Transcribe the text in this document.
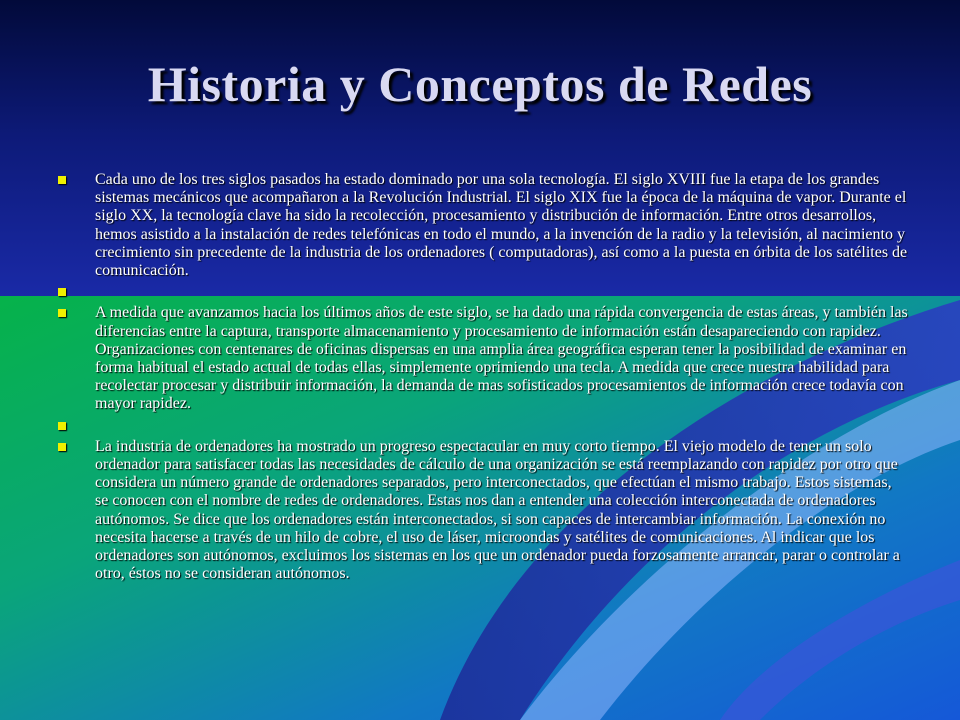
Historia y Conceptos de Redes
Cada uno de los tres siglos pasados ha estado dominado por una sola tecnología. El siglo XVIII fue la etapa de los grandes sistemas mecánicos que acompañaron a la Revolución Industrial. El siglo XIX fue la época de la máquina de vapor. Durante el siglo XX, la tecnología clave ha sido la recolección, procesamiento y distribución de información. Entre otros desarrollos, hemos asistido a la instalación de redes telefónicas en todo el mundo, a la invención de la radio y la televisión, al nacimiento y crecimiento sin precedente de la industria de los ordenadores ( computadoras), así como a la puesta en órbita de los satélites de comunicación.
A medida que avanzamos hacia los últimos años de este siglo, se ha dado una rápida convergencia de estas áreas, y también las diferencias entre la captura, transporte almacenamiento y procesamiento de información están desapareciendo con rapidez. Organizaciones con centenares de oficinas dispersas en una amplia área geográfica esperan tener la posibilidad de examinar en forma habitual el estado actual de todas ellas, simplemente oprimiendo una tecla. A medida que crece nuestra habilidad para recolectar procesar y distribuir información, la demanda de mas sofisticados procesamientos de información crece todavía con mayor rapidez.
La industria de ordenadores ha mostrado un progreso espectacular en muy corto tiempo. El viejo modelo de tener un solo ordenador para satisfacer todas las necesidades de cálculo de una organización se está reemplazando con rapidez por otro que considera un número grande de ordenadores separados, pero interconectados, que efectúan el mismo trabajo. Estos sistemas, se conocen con el nombre de redes de ordenadores. Estas nos dan a entender una colección interconectada de ordenadores autónomos. Se dice que los ordenadores están interconectados, si son capaces de intercambiar información. La conexión no necesita hacerse a través de un hilo de cobre, el uso de láser, microondas y satélites de comunicaciones. Al indicar que los ordenadores son autónomos, excluimos los sistemas en los que un ordenador pueda forzosamente arrancar, parar o controlar a otro, éstos no se consideran autónomos.
